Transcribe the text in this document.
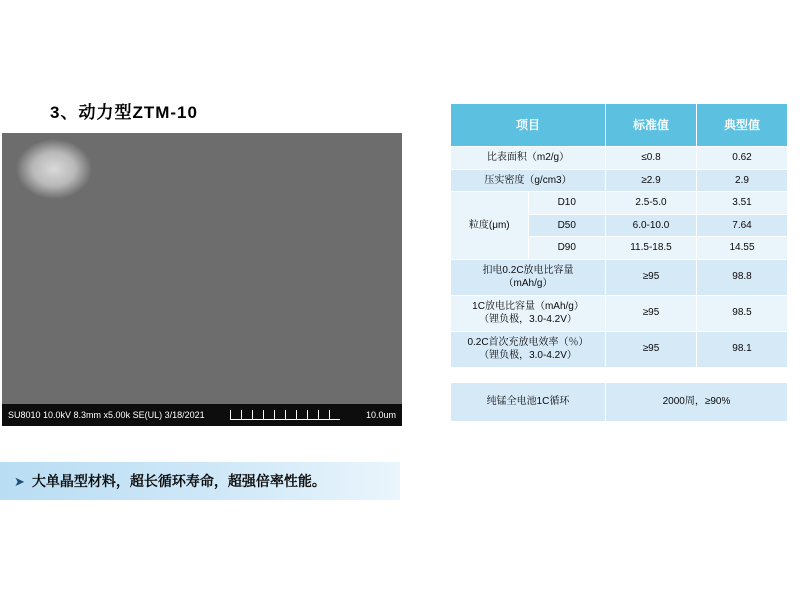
3、动力型ZTM-10
SU8010 10.0kV 8.3mm x5.00k SE(UL) 3/18/2021	10.0um
➤ 大单晶型材料，超长循环寿命，超强倍率性能。
项目		标准值	典型值
比表面积（m2/g）		≤0.8	0.62
压实密度（g/cm3）		≥2.9	2.9
粒度(μm)	D10	2.5-5.0	3.51
	D50	6.0-10.0	7.64
	D90	11.5-18.5	14.55

扣电0.2C放电比容量
（mAh/g）		≥95	98.8

1C放电比容量（mAh/g）
（锂负极，3.0-4.2V）		≥95	98.5

0.2C首次充放电效率（％）
（锂负极，3.0-4.2V）		≥95	98.1

纯锰全电池1C循环		2000周，≥90%	
